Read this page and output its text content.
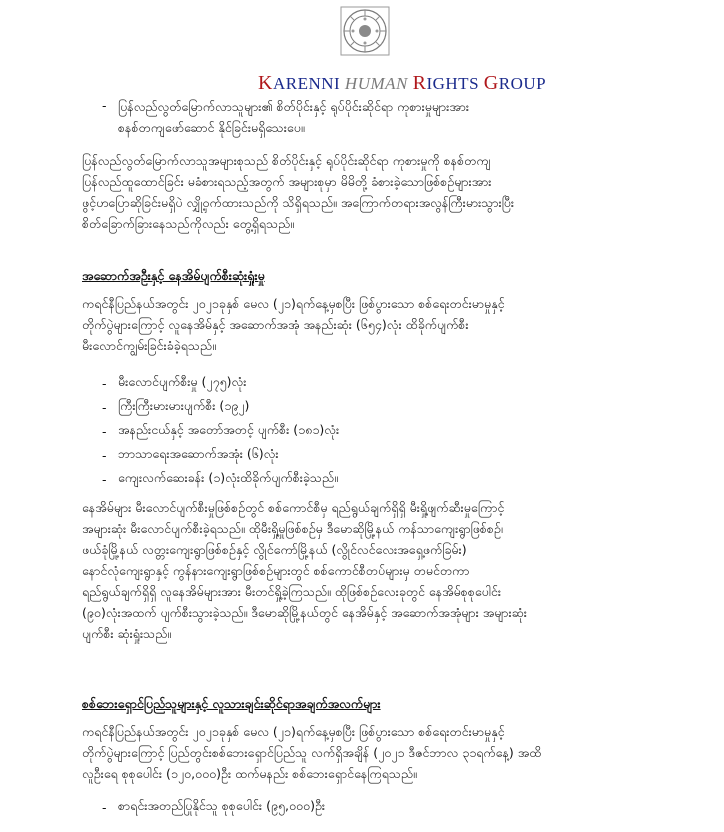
KARENNI HUMAN RIGHTS GROUP
- ပြန်လည်လွတ်မြောက်လာသူများ၏ စိတ်ပိုင်းနှင့် ရုပ်ပိုင်းဆိုင်ရာ ကုစားမှုများအား
စနစ်တကျဖော်ဆောင် နိုင်ခြင်းမရှိသေးပေ။
ပြန်လည်လွတ်မြောက်လာသူအများစုသည် စိတ်ပိုင်းနှင့် ရုပ်ပိုင်းဆိုင်ရာ ကုစားမှုကို စနစ်တကျ
ပြန်လည်ထူထောင်ခြင်း မခံစားရသည့်အတွက် အများစုမှာ မိမိတို့ ခံစားခဲ့သောဖြစ်စဉ်များအား
ဖွင့်ဟပြောဆိုခြင်းမရှိပဲ လျှို့ဝှက်ထားသည်ကို သိရှိရသည်။ အကြောက်တရားအလွန်ကြီးမားသွားပြီး
စိတ်ခြောက်ခြားနေသည်ကိုလည်း တွေ့ရှိရသည်။
အဆောက်အဦးနှင့် နေအိမ်ပျက်စီးဆုံးရှုံးမှု
ကရင်နီပြည်နယ်အတွင်း ၂၀၂၁ခုနှစ် မေလ (၂၁)ရက်နေ့မှစပြီး ဖြစ်ပွားသော စစ်ရေးတင်းမာမှုနှင့်
တိုက်ပွဲများကြောင့် လူနေအိမ်နှင့် အဆောက်အအုံ အနည်းဆုံး (၆၅၄)လုံး ထိခိုက်ပျက်စီး
မီးလောင်ကျွမ်းခြင်းခံခဲ့ရသည်။
- မီးလောင်ပျက်စီးမှု (၂၇၅)လုံး
- ကြီးကြီးမားမားပျက်စီး (၁၉၂)
- အနည်းငယ်နှင့် အတော်အတင့် ပျက်စီး (၁၈၁)လုံး
- ဘာသာရေးအဆောက်အအုံး (၆)လုံး
- ကျေးလက်ဆေးခန်း (၁)လုံးထိခိုက်ပျက်စီးခဲ့သည်။
နေအိမ်များ မီးလောင်ပျက်စီးမှုဖြစ်စဉ်တွင် စစ်ကောင်စီမှ ရည်ရွယ်ချက်ရှိရှိ မီးရှို့ဖျက်ဆီးမှုကြောင့်
အများဆုံး မီးလောင်ပျက်စီးခဲ့ရသည်။ ထိုမီးရှို့မှုဖြစ်စဉ်မှ ဒီမောဆိုမြို့နယ် ကန်သာကျေးရွာဖြစ်စဉ်၊
ဖယ်ခုံမြို့နယ် လတ္တးကျေးရွာဖြစ်စဉ်နှင့် လွိုင်ကော်မြို့နယ် (လွိုင်လင်လေးအရှေ့ဖက်ခြမ်း)
နောင်လုံကျေးရွာနှင့် ကွန်နားကျေးရွာဖြစ်စဉ်များတွင် စစ်ကောင်စီတပ်များမှ တမင်တကာ
ရည်ရွယ်ချက်ရှိရှိ လူနေအိမ်များအား မီးတင်ရှို့ခဲ့ကြသည်။ ထိုဖြစ်စဉ်လေးခုတွင် နေအိမ်စုစုပေါင်း
(၉၀)လုံးအထက် ပျက်စီးသွားခဲ့သည်။ ဒီမောဆိုမြို့နယ်တွင် နေအိမ်နှင့် အဆောက်အအုံများ အများဆုံး
ပျက်စီး ဆုံးရှုံးသည်။
စစ်ဘေးရှောင်ပြည်သူများနှင့် လူသားချင်းဆိုင်ရာအချက်အလက်များ
ကရင်နီပြည်နယ်အတွင်း ၂၀၂၁ခုနှစ် မေလ (၂၁)ရက်နေ့မှစပြီး ဖြစ်ပွားသော စစ်ရေးတင်းမာမှုနှင့်
တိုက်ပွဲများကြောင့် ပြည်တွင်းစစ်ဘေးရှောင်ပြည်သူ လက်ရှိအချိန် (၂၀၂၁ ဒီဇင်ဘာလ ၃၁ရက်နေ့) အထိ
လူဦးရေ စုစုပေါင်း (၁၂၀,၀၀၀)ဦး ထက်မနည်း စစ်ဘေးရှောင်နေကြရသည်။
- စာရင်းအတည်ပြုနိုင်သူ စုစုပေါင်း (၉၅,၀၀၀)ဦး
